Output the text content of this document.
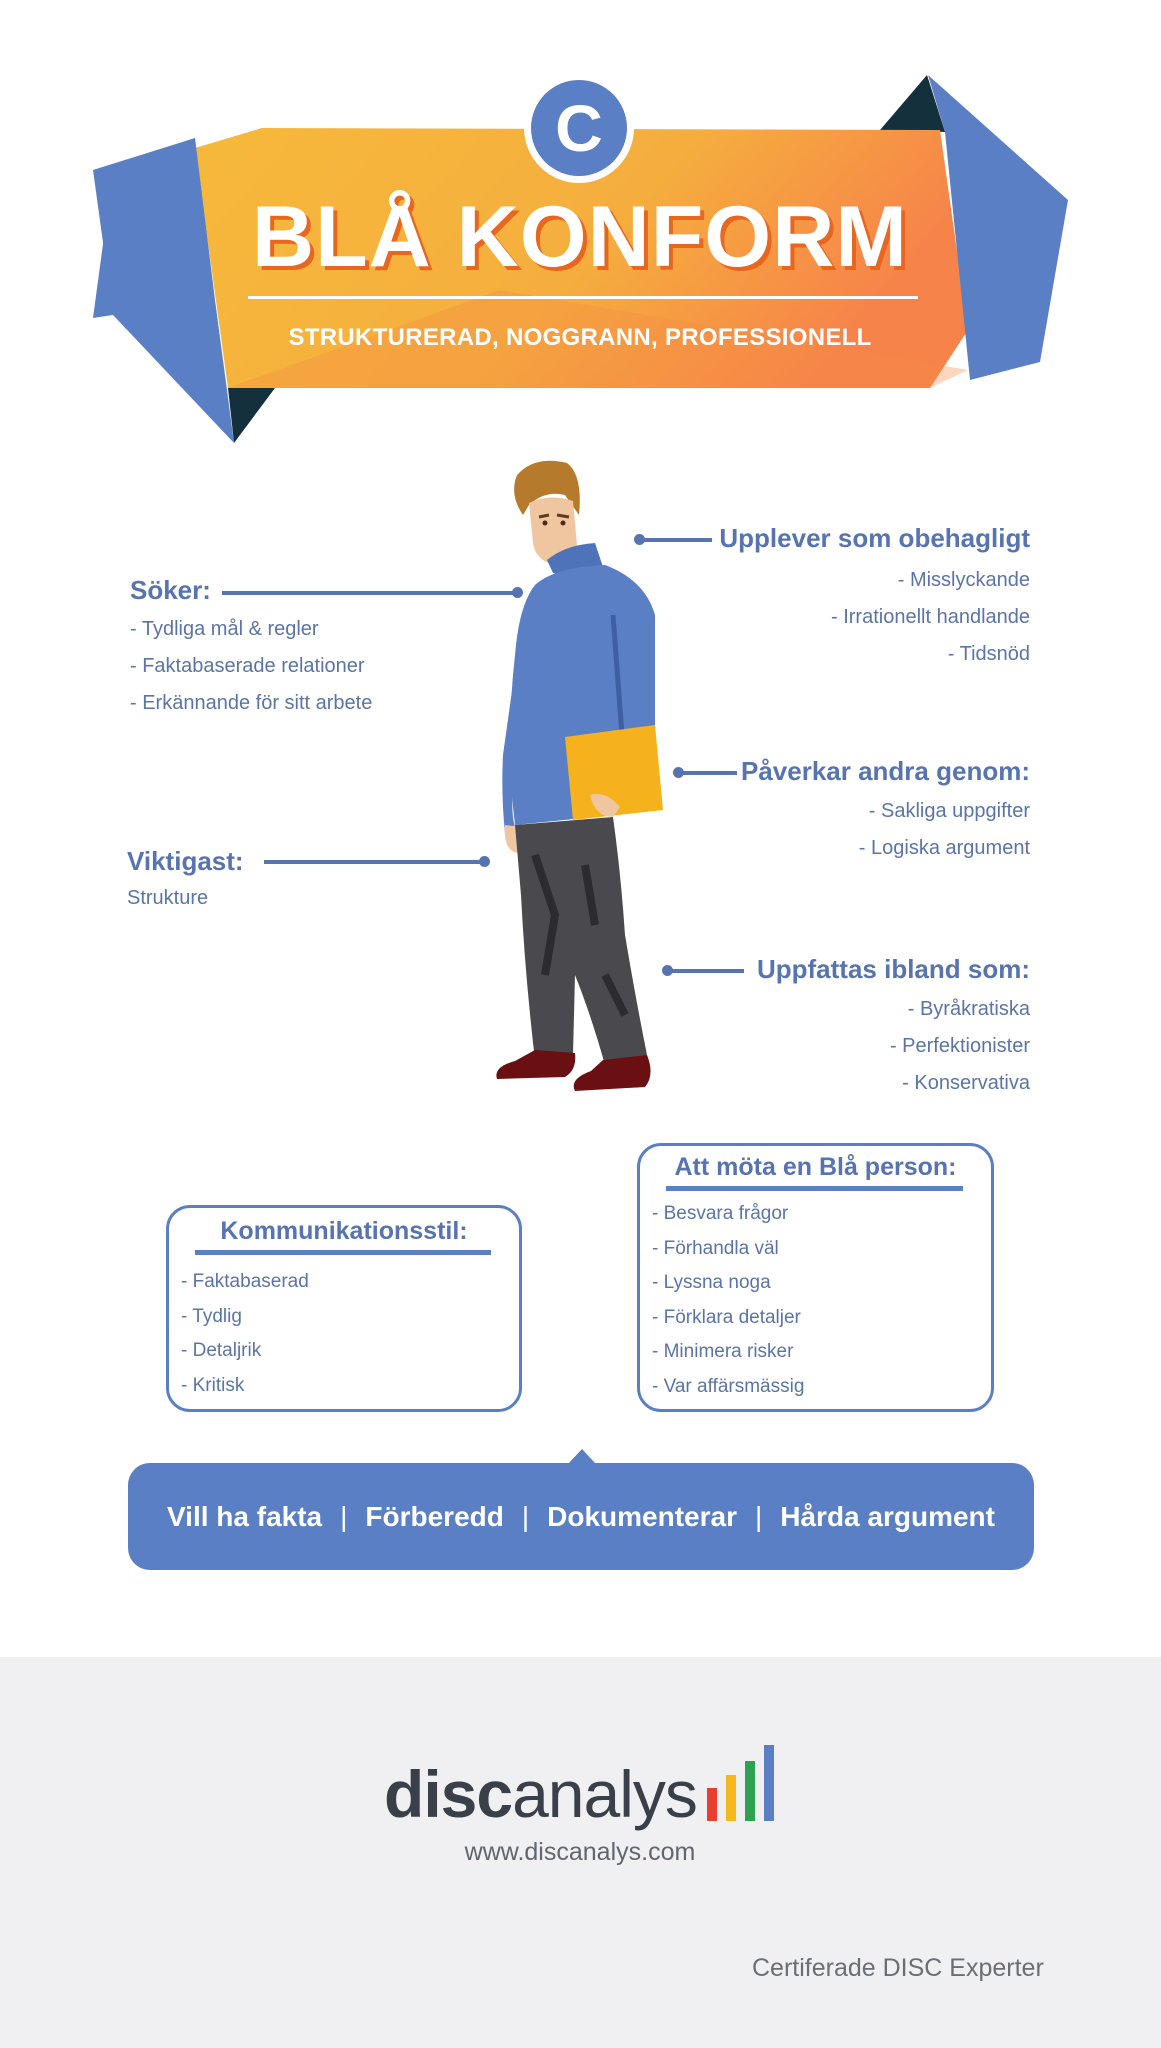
C
BLÅ KONFORM
STRUKTURERAD, NOGGRANN, PROFESSIONELL
Söker:
- Tydliga mål & regler
- Faktabaserade relationer
- Erkännande för sitt arbete
Viktigast:
Strukture
Upplever som obehagligt
- Misslyckande
- Irrationellt handlande
- Tidsnöd
Påverkar andra genom:
- Sakliga uppgifter
- Logiska argument
Uppfattas ibland som:
- Byråkratiska
- Perfektionister
- Konservativa
Kommunikationsstil:
- Faktabaserad
- Tydlig
- Detaljrik
- Kritisk
Att möta en Blå person:
- Besvara frågor
- Förhandla väl
- Lyssna noga
- Förklara detaljer
- Minimera risker
- Var affärsmässig
Vill ha fakta | Förberedd | Dokumenterar | Hårda argument
discanalys
www.discanalys.com
Certiferade DISC Experter
